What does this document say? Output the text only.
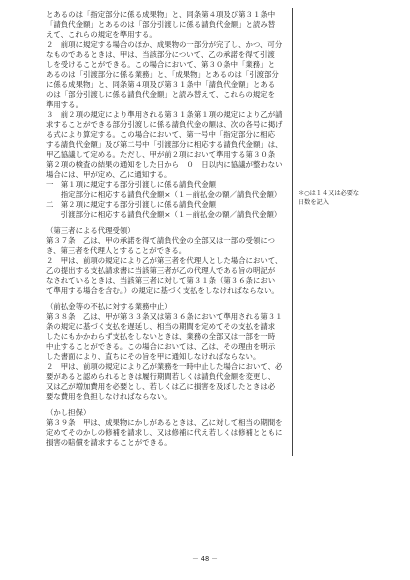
とあるのは「指定部分に係る成果物」と、同条第４項及び第３１条中
「請負代金額」とあるのは「部分引渡しに係る請負代金額」と読み替
えて、これらの規定を準用する。
２　前項に規定する場合のほか、成果物の一部分が完了し、かつ、可分
なものであるときは、甲は、当該部分について、乙の承諾を得て引渡
しを受けることができる。この場合において、第３０条中「業務」と
あるのは「引渡部分に係る業務」と、「成果物」とあるのは「引渡部分
に係る成果物」と、同条第４項及び第３１条中「請負代金額」とある
のは「部分引渡しに係る請負代金額」と読み替えて、これらの規定を
準用する。
３　前２項の規定により準用される第３１条第１項の規定により乙が請
求することができる部分引渡しに係る請負代金の額は、次の各号に掲げ
る式により算定する。この場合において、第一号中「指定部分に相応
する請負代金額」及び第二号中「引渡部分に相応する請負代金額」は、
甲乙協議して定める。ただし、甲が前２項において準用する第３０条
第２項の検査の結果の通知をした日から　０　日以内に協議が整わない
場合には、甲が定め、乙に通知する。
一　第１項に規定する部分引渡しに係る請負代金額
　　指定部分に相応する請負代金額×（１－前払金の額／請負代金額）
二　第２項に規定する部分引渡しに係る請負代金額
　　引渡部分に相応する請負代金額×（１－前払金の額／請負代金額）
（第三者による代理受領）
第３７条　乙は、甲の承諾を得て請負代金の全部又は一部の受領につ
き、第三者を代理人とすることができる。
２　甲は、前項の規定により乙が第三者を代理人とした場合において、
乙の提出する支払請求書に当該第三者が乙の代理人である旨の明記が
なされているときは、当該第三者に対して第３１条（第３６条におい
て準用する場合を含む。）の規定に基づく支払をしなければならない。
（前払金等の不払に対する業務中止）
第３８条　乙は、甲が第３３条又は第３６条において準用される第３１
条の規定に基づく支払を遅延し、相当の期間を定めてその支払を請求
したにもかかわらず支払をしないときは、業務の全部又は一部を一時
中止することができる。この場合においては、乙は、その理由を明示
した書面により、直ちにその旨を甲に通知しなければならない。
２　甲は、前項の規定により乙が業務を一時中止した場合において、必
要があると認められるときは履行期間若しくは請負代金額を変更し、
又は乙が増加費用を必要とし、若しくは乙に損害を及ぼしたときは必
要な費用を負担しなければならない。
（かし担保）
第３９条　甲は、成果物にかしがあるときは、乙に対して相当の期間を
定めてそのかしの修補を請求し、又は修補に代え若しくは修補とともに
損害の賠償を請求することができる。
＊○は１４又は必要な
日数を記入
－ 48 －
